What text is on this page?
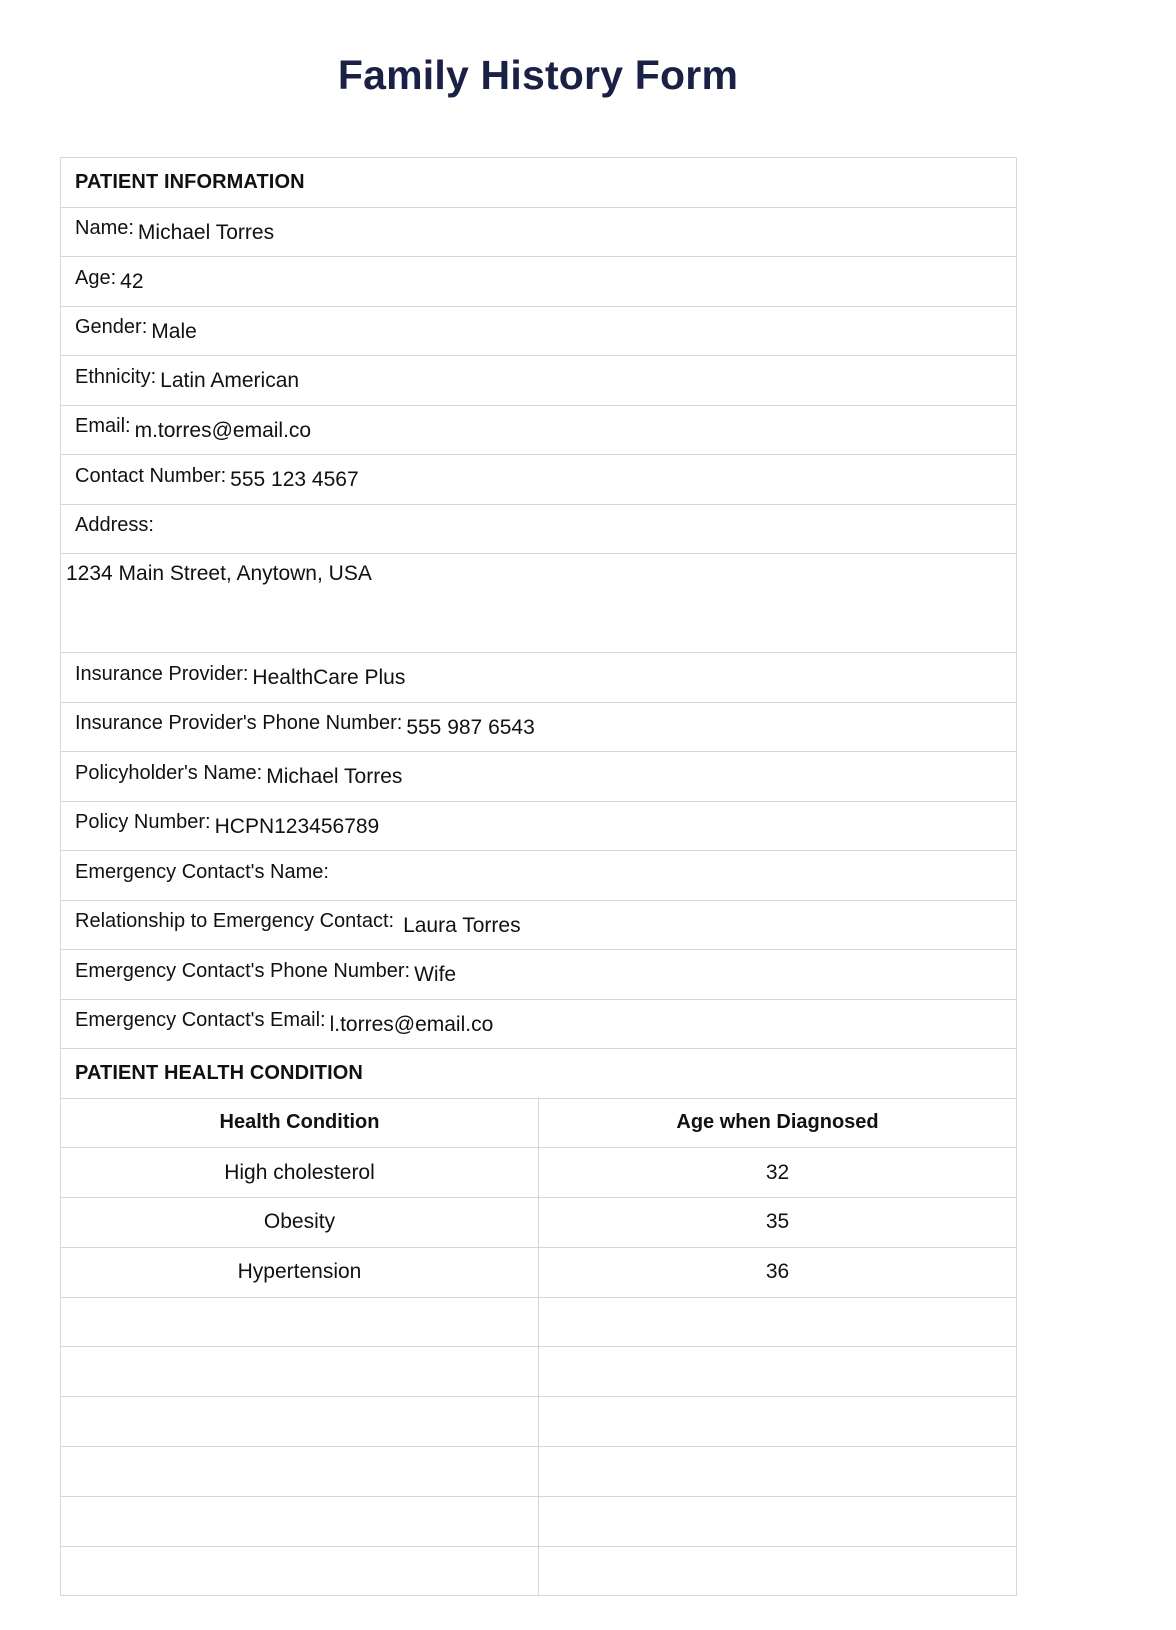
Family History Form
PATIENT INFORMATION
Name: Michael Torres
Age: 42
Gender: Male
Ethnicity: Latin American
Email: m.torres@email.co
Contact Number: 555 123 4567
Address:
1234 Main Street, Anytown, USA
Insurance Provider: HealthCare Plus
Insurance Provider's Phone Number: 555 987 6543
Policyholder's Name: Michael Torres
Policy Number: HCPN123456789
Emergency Contact's Name:
Relationship to Emergency Contact: Laura Torres
Emergency Contact's Phone Number: Wife
Emergency Contact's Email: l.torres@email.co
PATIENT HEALTH CONDITION
Health Condition	Age when Diagnosed
High cholesterol	32
Obesity	35
Hypertension	36
